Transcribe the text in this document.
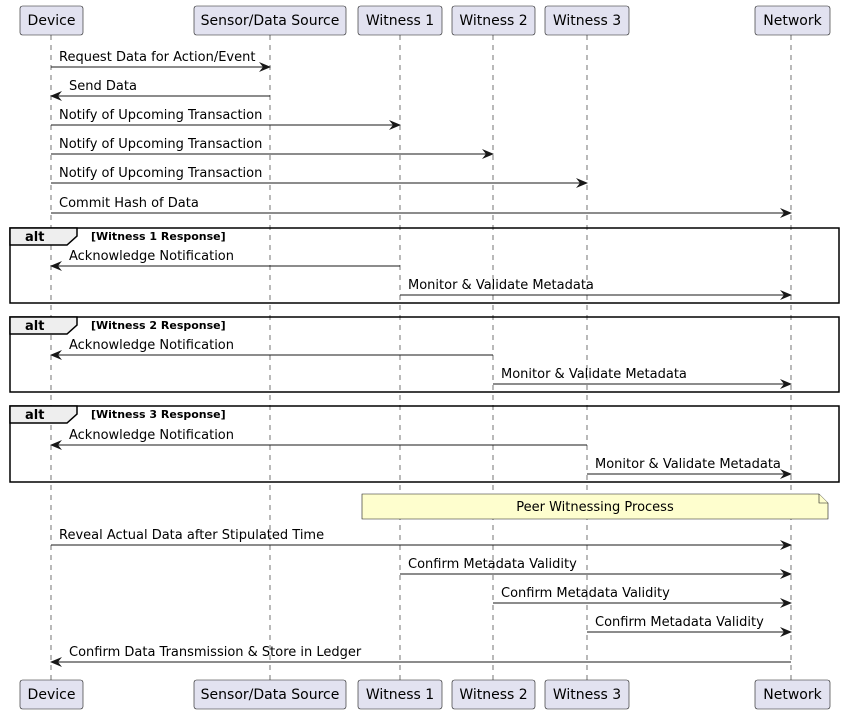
alt	[Witness 1 Response]
alt	[Witness 2 Response]
alt	[Witness 3 Response]
Request Data for Action/Event
Send Data
Notify of Upcoming Transaction
Notify of Upcoming Transaction
Notify of Upcoming Transaction
Commit Hash of Data
Acknowledge Notification
Monitor & Validate Metadata
Acknowledge Notification
Monitor & Validate Metadata
Acknowledge Notification
Monitor & Validate Metadata
Reveal Actual Data after Stipulated Time
Confirm Metadata Validity
Confirm Metadata Validity
Confirm Metadata Validity
Confirm Data Transmission & Store in Ledger
Peer Witnessing Process
Device
Device
Sensor/Data Source
Sensor/Data Source
Witness 1
Witness 1
Witness 2
Witness 2
Witness 3
Witness 3
Network
Network
